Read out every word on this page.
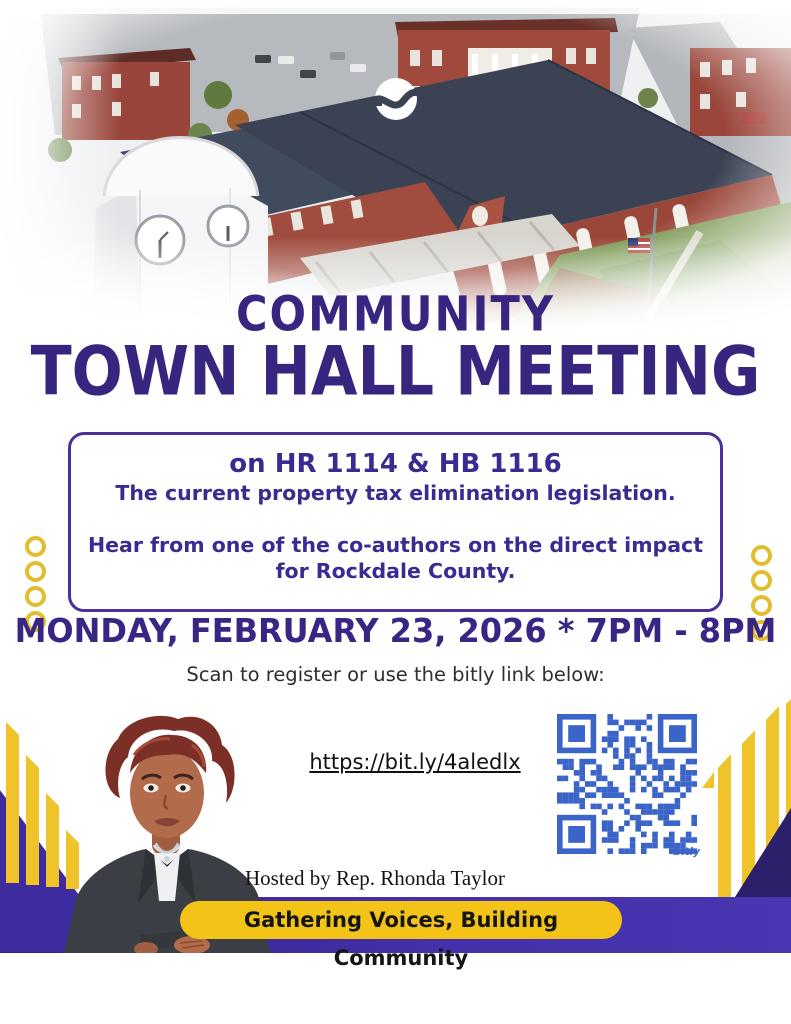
COMMUNITY
TOWN HALL MEETING
on HR 1114 & HB 1116
The current property tax elimination legislation.
Hear from one of the co-authors on the direct impact
for Rockdale County.
MONDAY, FEBRUARY 23, 2026 * 7PM - 8PM
Scan to register or use the bitly link below:
https://bit.ly/4aledlx
bitly
Gathering Voices, Building Community
Hosted by Rep. Rhonda Taylor
